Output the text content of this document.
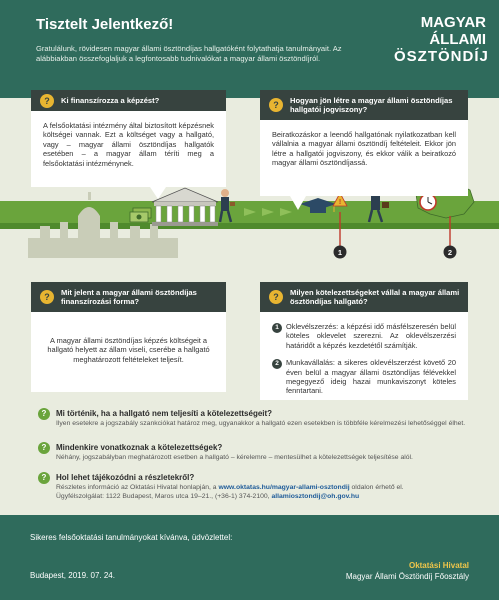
Tisztelt Jelentkező!
Gratulálunk, rövidesen magyar állami ösztöndíjas hallgatóként folytathatja tanulmányait. Az alábbiakban összefoglaljuk a legfontosabb tudnivalókat a magyar állami ösztöndíjról.
MAGYAR
ÁLLAMI
ÖSZTÖNDÍJ
!
1	2
?	Ki finanszírozza a képzést?
A felsőoktatási intézmény által biztosított képzésnek költségei vannak. Ezt a költséget vagy a hallgató, vagy – magyar állami ösztöndíjas hallgatók esetében – a magyar állam téríti meg a felsőoktatási intézménynek.
?	Hogyan jön létre a magyar állami ösztöndíjas hallgatói jogviszony?
Beiratkozáskor a leendő hallgatónak nyilatkozatban kell vállalnia a magyar állami ösztöndíj feltételeit. Ekkor jön létre a hallgatói jogviszony, és ekkor válik a beiratkozó magyar állami ösztöndíjassá.
?	Mit jelent a magyar állami ösztöndíjas finanszírozási forma?
A magyar állami ösztöndíjas képzés költségeit a hallgató helyett az állam viseli, cserébe a hallgató meghatározott feltételeket teljesít.
?	Milyen kötelezettségeket vállal a magyar állami ösztöndíjas hallgató?
1 Oklevélszerzés: a képzési idő másfélszeresén belül köteles oklevelet szerezni. Az oklevélszerzési határidőt a képzés kezdetétől számítják.
2 Munkavállalás: a sikeres oklevélszerzést követő 20 éven belül a magyar állami ösztöndíjas félévekkel megegyező ideig hazai munkaviszonyt köteles fenntartani.
?	Mi történik, ha a hallgató nem teljesíti a kötelezettségeit?
Ilyen esetekre a jogszabály szankciókat határoz meg, ugyanakkor a hallgató ezen esetekben is többféle kérelmezési lehetőséggel élhet.
?	Mindenkire vonatkoznak a kötelezettségek?
Néhány, jogszabályban meghatározott esetben a hallgató – kérelemre – mentesülhet a kötelezettségek teljesítése alól.
?	Hol lehet tájékozódni a részletekről?
Részletes információ az Oktatási Hivatal honlapján, a www.oktatas.hu/magyar-allami-osztondij oldalon érhető el.
Ügyfélszolgálat: 1122 Budapest, Maros utca 19–21., (+36-1) 374-2100, allamiosztondij@oh.gov.hu
Sikeres felsőoktatási tanulmányokat kívánva, üdvözlettel:
Budapest, 2019. 07. 24.
Oktatási Hivatal
Magyar Állami Ösztöndíj Főosztály
